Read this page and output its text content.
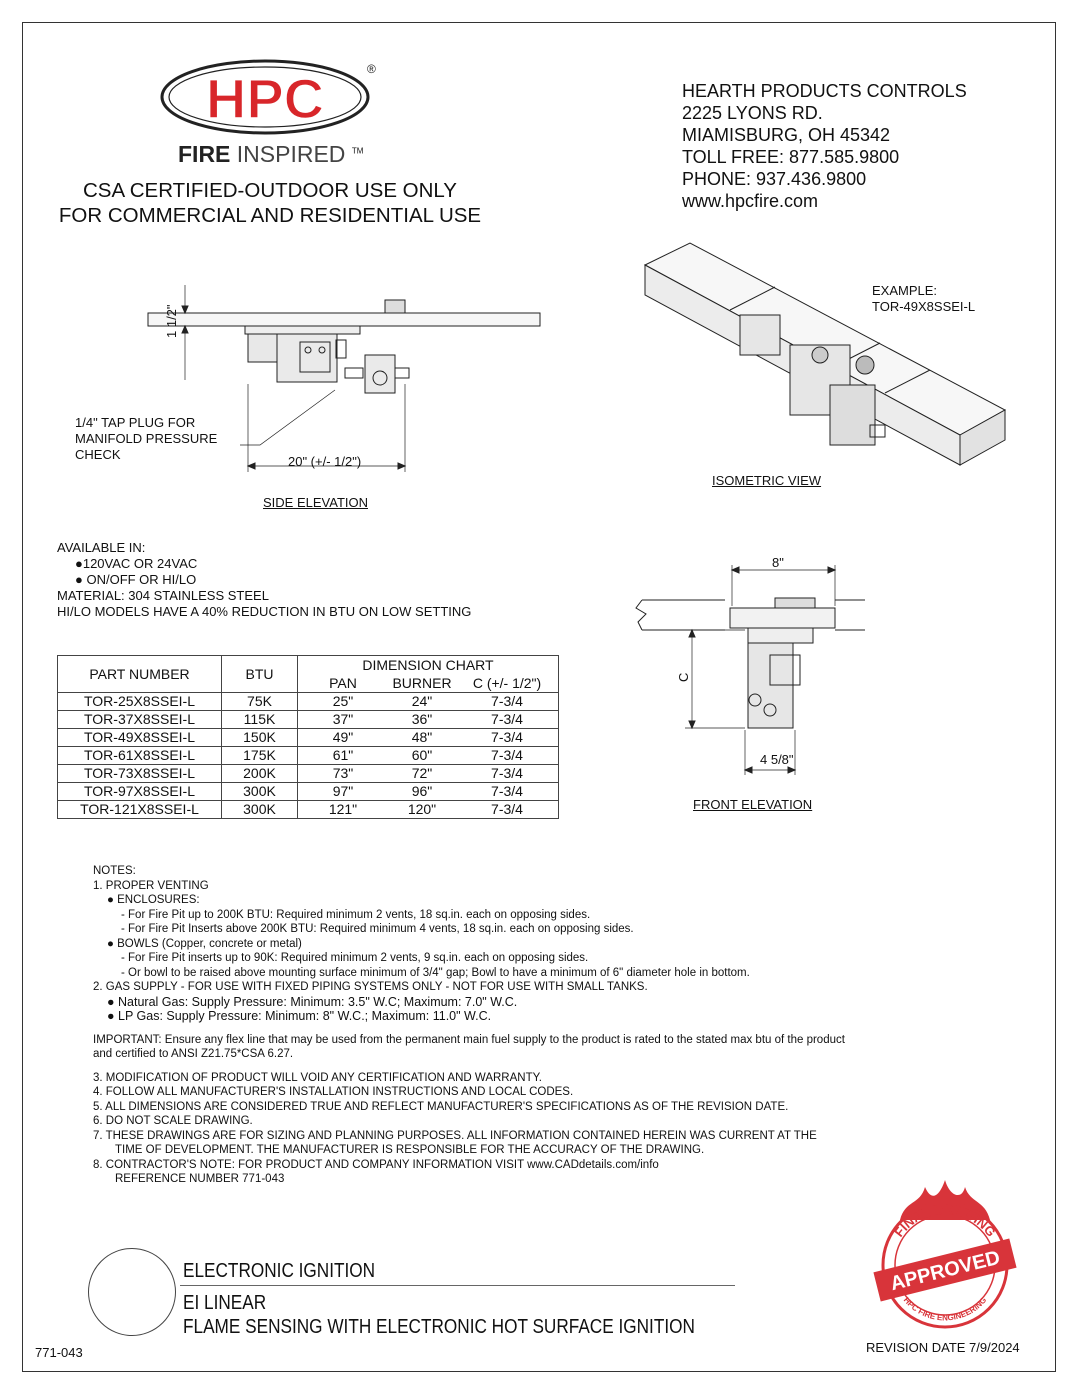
HPC	®
FIRE INSPIRED ™
CSA CERTIFIED-OUTDOOR USE ONLY
FOR COMMERCIAL AND RESIDENTIAL USE
HEARTH PRODUCTS CONTROLS
2225 LYONS RD.
MIAMISBURG, OH 45342
TOLL FREE: 877.585.9800
PHONE: 937.436.9800
www.hpcfire.com
1 1/2"
1/4" TAP PLUG FOR
MANIFOLD PRESSURE
CHECK	20" (+/- 1/2")
SIDE ELEVATION
EXAMPLE:
TOR-49X8SSEI-L
ISOMETRIC VIEW
AVAILABLE IN:
●120VAC OR 24VAC
● ON/OFF OR HI/LO
MATERIAL: 304 STAINLESS STEEL
HI/LO MODELS HAVE A 40% REDUCTION IN BTU ON LOW SETTING
8"
C
4 5/8"
FRONT ELEVATION
PART NUMBER	BTU	DIMENSION CHART		
		PAN	BURNER	C (+/- 1/2")
TOR-25X8SSEI-L	75K	25"	24"	7-3/4
TOR-37X8SSEI-L	115K	37"	36"	7-3/4
TOR-49X8SSEI-L	150K	49"	48"	7-3/4
TOR-61X8SSEI-L	175K	61"	60"	7-3/4
TOR-73X8SSEI-L	200K	73"	72"	7-3/4
TOR-97X8SSEI-L	300K	97"	96"	7-3/4
TOR-121X8SSEI-L	300K	121"	120"	7-3/4
NOTES:
1. PROPER VENTING
● ENCLOSURES:
- For Fire Pit up to 200K BTU: Required minimum 2 vents, 18 sq.in. each on opposing sides.
- For Fire Pit Inserts above 200K BTU: Required minimum 4 vents, 18 sq.in. each on opposing sides.
● BOWLS (Copper, concrete or metal)
- For Fire Pit inserts up to 90K: Required minimum 2 vents, 9 sq.in. each on opposing sides.
- Or bowl to be raised above mounting surface minimum of 3/4" gap; Bowl to have a minimum of 6" diameter hole in bottom.
2. GAS SUPPLY - FOR USE WITH FIXED PIPING SYSTEMS ONLY - NOT FOR USE WITH SMALL TANKS.
● Natural Gas: Supply Pressure: Minimum: 3.5" W.C; Maximum: 7.0" W.C.
● LP Gas: Supply Pressure: Minimum: 8" W.C.; Maximum: 11.0" W.C.
IMPORTANT: Ensure any flex line that may be used from the permanent main fuel supply to the product is rated to the stated max btu of the product
and certified to ANSI Z21.75*CSA 6.27.
3. MODIFICATION OF PRODUCT WILL VOID ANY CERTIFICATION AND WARRANTY.
4. FOLLOW ALL MANUFACTURER'S INSTALLATION INSTRUCTIONS AND LOCAL CODES.
5. ALL DIMENSIONS ARE CONSIDERED TRUE AND REFLECT MANUFACTURER'S SPECIFICATIONS AS OF THE REVISION DATE.
6. DO NOT SCALE DRAWING.
7. THESE DRAWINGS ARE FOR SIZING AND PLANNING PURPOSES. ALL INFORMATION CONTAINED HEREIN WAS CURRENT AT THE
TIME OF DEVELOPMENT. THE MANUFACTURER IS RESPONSIBLE FOR THE ACCURACY OF THE DRAWING.
8. CONTRACTOR'S NOTE: FOR PRODUCT AND COMPANY INFORMATION VISIT www.CADdetails.com/info
REFERENCE NUMBER 771-043
ELECTRONIC IGNITION
EI LINEAR
FLAME SENSING WITH ELECTRONIC HOT SURFACE IGNITION
771-043	REVISION DATE 7/9/2024
FINAL DRAWING
HPC FIRE ENGINEERING
APPROVED
